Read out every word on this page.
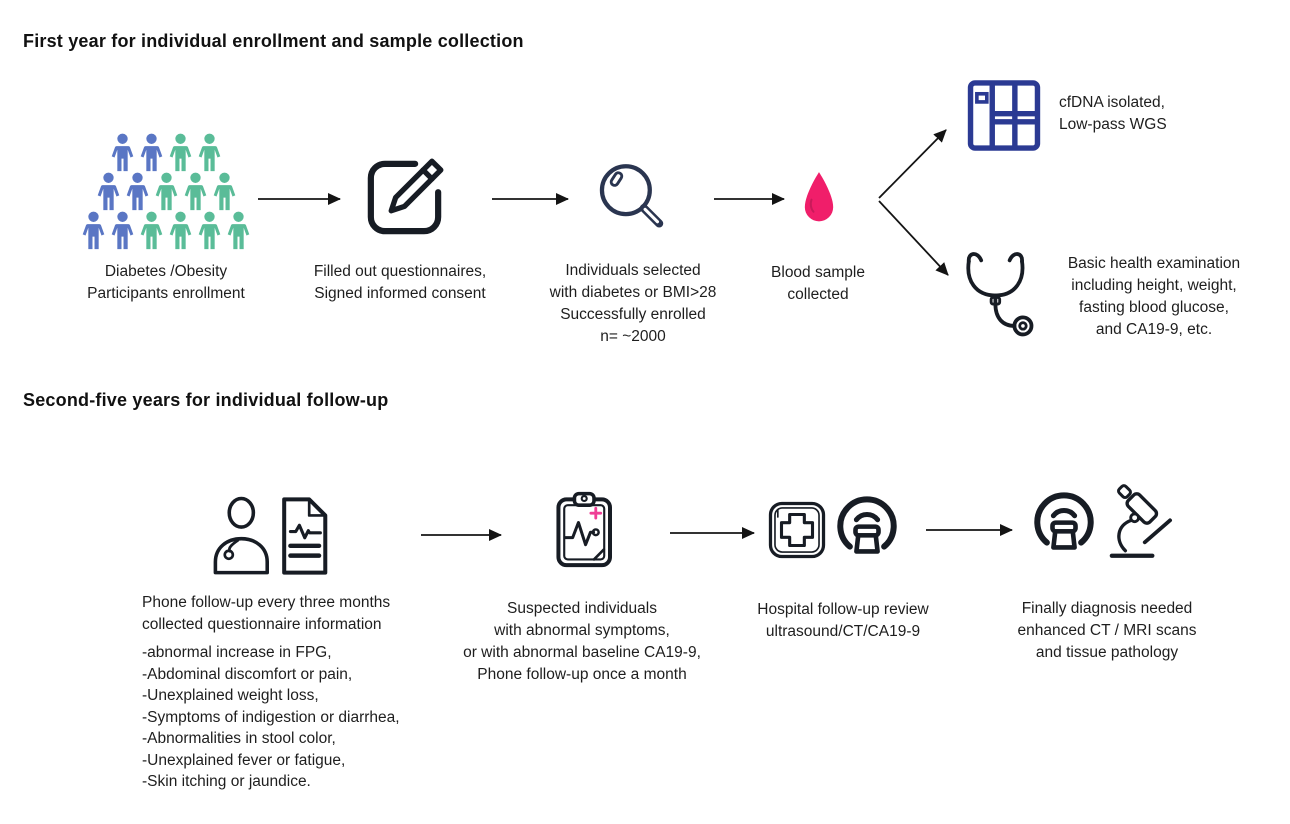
First year for individual enrollment and sample collection
Second-five years for individual follow-up
Diabetes /Obesity
Participants enrollment
Filled out questionnaires,
Signed informed consent
Individuals selected
with diabetes or BMI>28
Successfully enrolled
n= ~2000
Blood sample
collected
cfDNA isolated,
Low-pass WGS
Basic health examination
including height, weight,
fasting blood glucose,
and CA19-9, etc.
Phone follow-up every three months
collected questionnaire information
-abnormal increase in FPG,
-Abdominal discomfort or pain,
-Unexplained weight loss,
-Symptoms of indigestion or diarrhea,
-Abnormalities in stool color,
-Unexplained fever or fatigue,
-Skin itching or jaundice.
Suspected individuals
with abnormal symptoms,
or with abnormal baseline CA19-9,
Phone follow-up once a month
Hospital follow-up review
ultrasound/CT/CA19-9
Finally diagnosis needed
enhanced CT / MRI scans
and tissue pathology
